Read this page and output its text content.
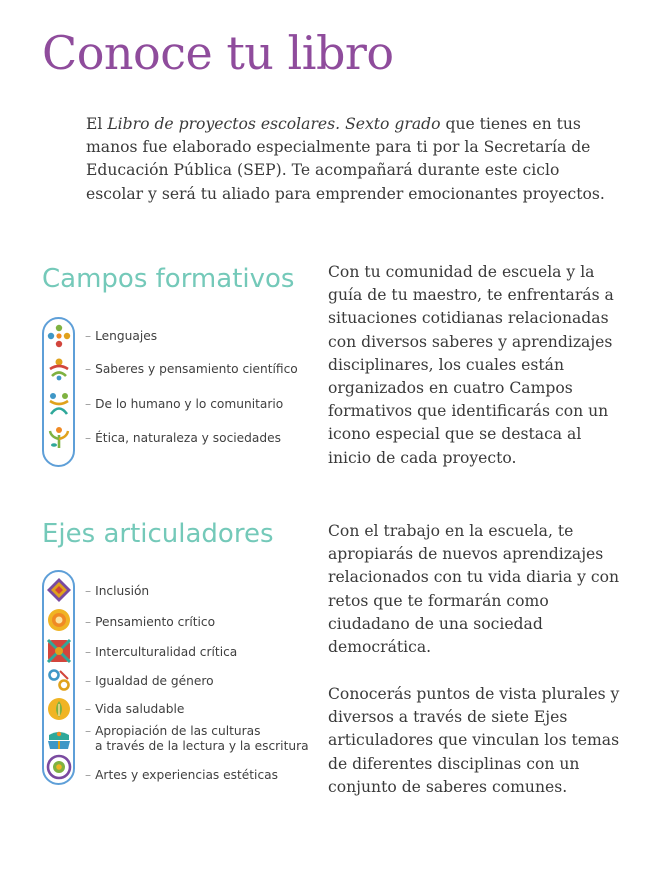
Conoce tu libro

El Libro de proyectos escolares. Sexto grado que tienes en tus manos fue elaborado especialmente para ti por la Secretaría de Educación Pública (SEP). Te acompañará durante este ciclo escolar y será tu aliado para emprender emocionantes proyectos.

Campos formativos
– Lenguajes
– Saberes y pensamiento científico
– De lo humano y lo comunitario
– Ética, naturaleza y sociedades

Con tu comunidad de escuela y la guía de tu maestro, te enfrentarás a situaciones cotidianas relacionadas con diversos saberes y aprendizajes disciplinares, los cuales están organizados en cuatro Campos formativos que identificarás con un icono especial que se destaca al inicio de cada proyecto.

Ejes articuladores
– Inclusión
– Pensamiento crítico
– Interculturalidad crítica
– Igualdad de género
– Vida saludable
– Apropiación de las culturas
a través de la lectura y la escritura
– Artes y experiencias estéticas

Con el trabajo en la escuela, te apropiarás de nuevos aprendizajes relacionados con tu vida diaria y con retos que te formarán como ciudadano de una sociedad democrática.

Conocerás puntos de vista plurales y diversos a través de siete Ejes articuladores que vinculan los temas de diferentes disciplinas con un conjunto de saberes comunes.
